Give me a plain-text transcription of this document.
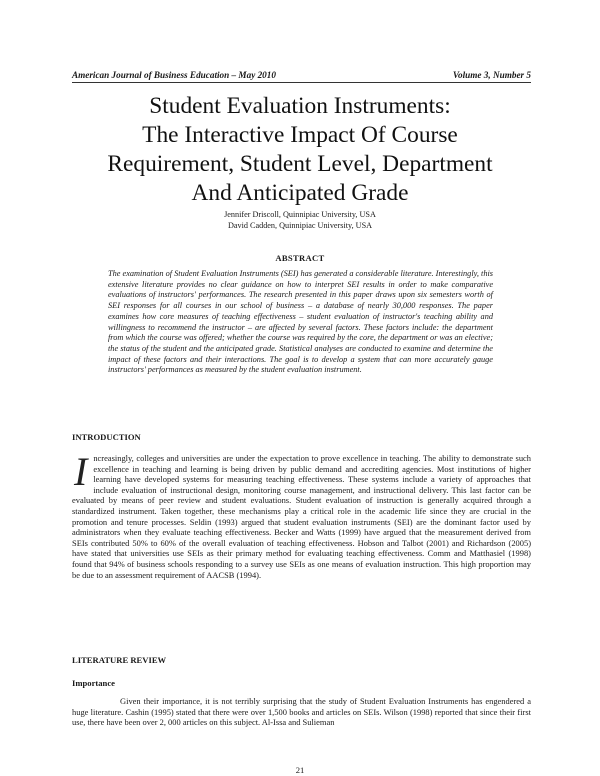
American Journal of Business Education – May 2010	Volume 3, Number 5
Student Evaluation Instruments:
The Interactive Impact Of Course
Requirement, Student Level, Department
And Anticipated Grade
Jennifer Driscoll, Quinnipiac University, USA
David Cadden, Quinnipiac University, USA
ABSTRACT
The examination of Student Evaluation Instruments (SEI) has generated a considerable literature. Interestingly, this extensive literature provides no clear guidance on how to interpret SEI results in order to make comparative evaluations of instructors' performances. The research presented in this paper draws upon six semesters worth of SEI responses for all courses in our school of business – a database of nearly 30,000 responses. The paper examines how core measures of teaching effectiveness – student evaluation of instructor's teaching ability and willingness to recommend the instructor – are affected by several factors. These factors include: the department from which the course was offered; whether the course was required by the core, the department or was an elective; the status of the student and the anticipated grade. Statistical analyses are conducted to examine and determine the impact of these factors and their interactions. The goal is to develop a system that can more accurately gauge instructors' performances as measured by the student evaluation instrument.
INTRODUCTION
Increasingly, colleges and universities are under the expectation to prove excellence in teaching. The ability to demonstrate such excellence in teaching and learning is being driven by public demand and accrediting agencies. Most institutions of higher learning have developed systems for measuring teaching effectiveness. These systems include a variety of approaches that include evaluation of instructional design, monitoring course management, and instructional delivery. This last factor can be evaluated by means of peer review and student evaluations. Student evaluation of instruction is generally acquired through a standardized instrument. Taken together, these mechanisms play a critical role in the academic life since they are crucial in the promotion and tenure processes. Seldin (1993) argued that student evaluation instruments (SEI) are the dominant factor used by administrators when they evaluate teaching effectiveness. Becker and Watts (1999) have argued that the measurement derived from SEIs contributed 50% to 60% of the overall evaluation of teaching effectiveness. Hobson and Talbot (2001) and Richardson (2005) have stated that universities use SEIs as their primary method for evaluating teaching effectiveness. Comm and Matthasiel (1998) found that 94% of business schools responding to a survey use SEIs as one means of evaluation instruction. This high proportion may be due to an assessment requirement of AACSB (1994).
LITERATURE REVIEW
Importance
Given their importance, it is not terribly surprising that the study of Student Evaluation Instruments has engendered a huge literature. Cashin (1995) stated that there were over 1,500 books and articles on SEIs. Wilson (1998) reported that since their first use, there have been over 2, 000 articles on this subject. Al-Issa and Sulieman
21
